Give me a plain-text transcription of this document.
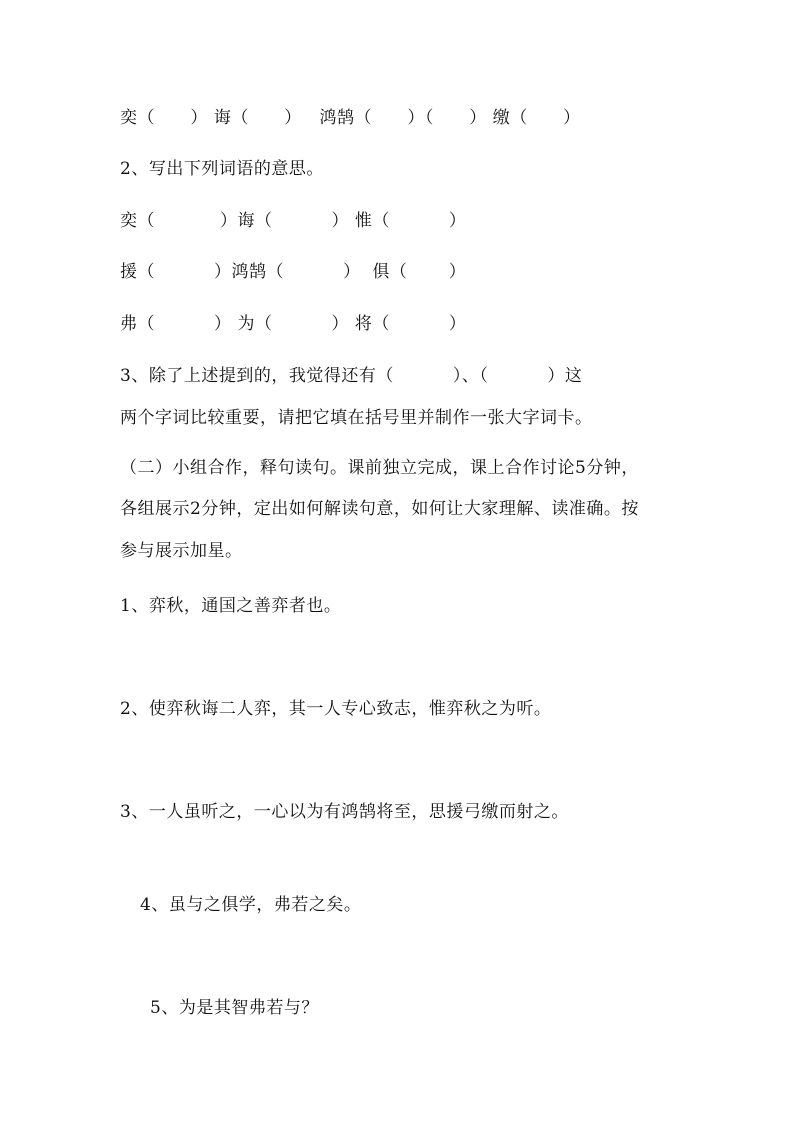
奕（      ） 诲（      ）   鸿鹄（      ）（      ） 缴（      ）
2、写出下列词语的意思。
奕（           ）诲（          ） 惟（          ）
援（          ）鸿鹄（          ）  俱（       ）
弗（          ） 为（          ） 将（          ）
3、除了上述提到的，我觉得还有（          ）、（          ）这
两个字词比较重要，请把它填在括号里并制作一张大字词卡。
（二）小组合作，释句读句。课前独立完成，课上合作讨论5分钟，
各组展示2分钟，定出如何解读句意，如何让大家理解、读准确。按
参与展示加星。
1、弈秋，通国之善弈者也。
2、使弈秋诲二人弈，其一人专心致志，惟弈秋之为听。
3、一人虽听之，一心以为有鸿鹄将至，思援弓缴而射之。
4、虽与之俱学，弗若之矣。
5、为是其智弗若与？
